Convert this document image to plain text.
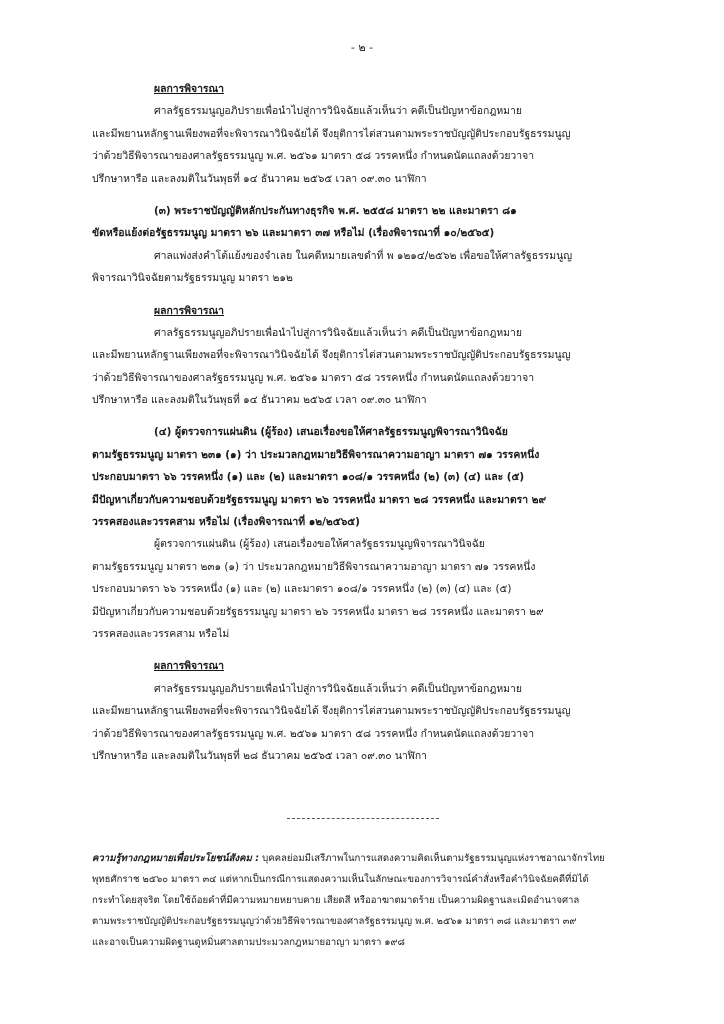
- ๒ -
ผลการพิจารณา
ศาลรัฐธรรมนูญอภิปรายเพื่อนำไปสู่การวินิจฉัยแล้วเห็นว่า คดีเป็นปัญหาข้อกฎหมาย
และมีพยานหลักฐานเพียงพอที่จะพิจารณาวินิจฉัยได้ จึงยุติการไต่สวนตามพระราชบัญญัติประกอบรัฐธรรมนูญ
ว่าด้วยวิธีพิจารณาของศาลรัฐธรรมนูญ พ.ศ. ๒๕๖๑ มาตรา ๕๘ วรรคหนึ่ง กำหนดนัดแถลงด้วยวาจา
ปรึกษาหารือ และลงมติในวันพุธที่ ๑๔ ธันวาคม ๒๕๖๕ เวลา ๐๙.๓๐ นาฬิกา
(๓) พระราชบัญญัติหลักประกันทางธุรกิจ พ.ศ. ๒๕๕๘ มาตรา ๒๒ และมาตรา ๘๑
ขัดหรือแย้งต่อรัฐธรรมนูญ มาตรา ๒๖ และมาตรา ๓๗ หรือไม่ (เรื่องพิจารณาที่ ๑๐/๒๕๖๕)
ศาลแพ่งส่งคำโต้แย้งของจำเลย ในคดีหมายเลขดำที่ พ ๑๒๑๔/๒๕๖๒ เพื่อขอให้ศาลรัฐธรรมนูญ
พิจารณาวินิจฉัยตามรัฐธรรมนูญ มาตรา ๒๑๒
ผลการพิจารณา
ศาลรัฐธรรมนูญอภิปรายเพื่อนำไปสู่การวินิจฉัยแล้วเห็นว่า คดีเป็นปัญหาข้อกฎหมาย
และมีพยานหลักฐานเพียงพอที่จะพิจารณาวินิจฉัยได้ จึงยุติการไต่สวนตามพระราชบัญญัติประกอบรัฐธรรมนูญ
ว่าด้วยวิธีพิจารณาของศาลรัฐธรรมนูญ พ.ศ. ๒๕๖๑ มาตรา ๕๘ วรรคหนึ่ง กำหนดนัดแถลงด้วยวาจา
ปรึกษาหารือ และลงมติในวันพุธที่ ๑๔ ธันวาคม ๒๕๖๕ เวลา ๐๙.๓๐ นาฬิกา
(๔) ผู้ตรวจการแผ่นดิน (ผู้ร้อง) เสนอเรื่องขอให้ศาลรัฐธรรมนูญพิจารณาวินิจฉัย
ตามรัฐธรรมนูญ มาตรา ๒๓๑ (๑) ว่า ประมวลกฎหมายวิธีพิจารณาความอาญา มาตรา ๗๑ วรรคหนึ่ง
ประกอบมาตรา ๖๖ วรรคหนึ่ง (๑) และ (๒) และมาตรา ๑๐๘/๑ วรรคหนึ่ง (๒) (๓) (๔) และ (๕)
มีปัญหาเกี่ยวกับความชอบด้วยรัฐธรรมนูญ มาตรา ๒๖ วรรคหนึ่ง มาตรา ๒๘ วรรคหนึ่ง และมาตรา ๒๙
วรรคสองและวรรคสาม หรือไม่ (เรื่องพิจารณาที่ ๑๒/๒๕๖๕)
ผู้ตรวจการแผ่นดิน (ผู้ร้อง) เสนอเรื่องขอให้ศาลรัฐธรรมนูญพิจารณาวินิจฉัย
ตามรัฐธรรมนูญ มาตรา ๒๓๑ (๑) ว่า ประมวลกฎหมายวิธีพิจารณาความอาญา มาตรา ๗๑ วรรคหนึ่ง
ประกอบมาตรา ๖๖ วรรคหนึ่ง (๑) และ (๒) และมาตรา ๑๐๘/๑ วรรคหนึ่ง (๒) (๓) (๔) และ (๕)
มีปัญหาเกี่ยวกับความชอบด้วยรัฐธรรมนูญ มาตรา ๒๖ วรรคหนึ่ง มาตรา ๒๘ วรรคหนึ่ง และมาตรา ๒๙
วรรคสองและวรรคสาม หรือไม่
ผลการพิจารณา
ศาลรัฐธรรมนูญอภิปรายเพื่อนำไปสู่การวินิจฉัยแล้วเห็นว่า คดีเป็นปัญหาข้อกฎหมาย
และมีพยานหลักฐานเพียงพอที่จะพิจารณาวินิจฉัยได้ จึงยุติการไต่สวนตามพระราชบัญญัติประกอบรัฐธรรมนูญ
ว่าด้วยวิธีพิจารณาของศาลรัฐธรรมนูญ พ.ศ. ๒๕๖๑ มาตรา ๕๘ วรรคหนึ่ง กำหนดนัดแถลงด้วยวาจา
ปรึกษาหารือ และลงมติในวันพุธที่ ๒๘ ธันวาคม ๒๕๖๕ เวลา ๐๙.๓๐ นาฬิกา
ความรู้ทางกฎหมายเพื่อประโยชน์สังคม : บุคคลย่อมมีเสรีภาพในการแสดงความคิดเห็นตามรัฐธรรมนูญแห่งราชอาณาจักรไทย
พุทธศักราช ๒๕๖๐ มาตรา ๓๔ แต่หากเป็นกรณีการแสดงความเห็นในลักษณะของการวิจารณ์คำสั่งหรือคำวินิจฉัยคดีที่มิได้
กระทำโดยสุจริต โดยใช้ถ้อยคำที่มีความหมายหยาบคาย เสียดสี หรืออาฆาตมาดร้าย เป็นความผิดฐานละเมิดอำนาจศาล
ตามพระราชบัญญัติประกอบรัฐธรรมนูญว่าด้วยวิธีพิจารณาของศาลรัฐธรรมนูญ พ.ศ. ๒๕๖๑ มาตรา ๓๘ และมาตรา ๓๙
และอาจเป็นความผิดฐานดูหมิ่นศาลตามประมวลกฎหมายอาญา มาตรา ๑๙๘
